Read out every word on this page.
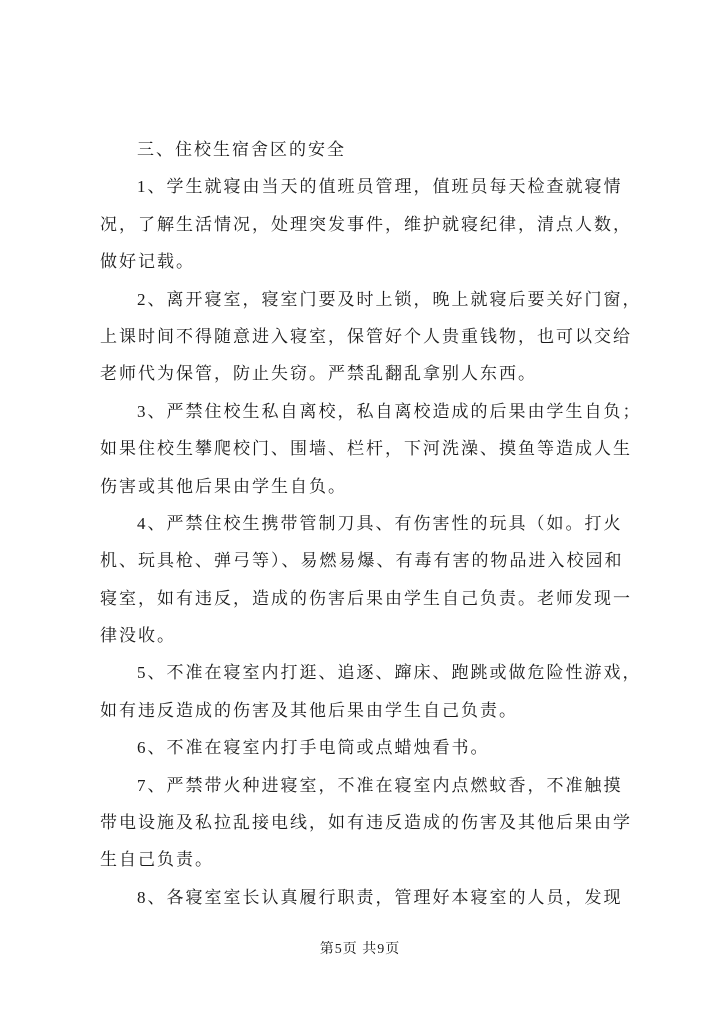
三、住校生宿舍区的安全
1、学生就寝由当天的值班员管理，值班员每天检查就寝情
况，了解生活情况，处理突发事件，维护就寝纪律，清点人数，
做好记载。
2、离开寝室，寝室门要及时上锁，晚上就寝后要关好门窗，
上课时间不得随意进入寝室，保管好个人贵重钱物，也可以交给
老师代为保管，防止失窃。严禁乱翻乱拿别人东西。
3、严禁住校生私自离校，私自离校造成的后果由学生自负；
如果住校生攀爬校门、围墙、栏杆，下河洗澡、摸鱼等造成人生
伤害或其他后果由学生自负。
4、严禁住校生携带管制刀具、有伤害性的玩具（如。打火
机、玩具枪、弹弓等）、易燃易爆、有毒有害的物品进入校园和
寝室，如有违反，造成的伤害后果由学生自己负责。老师发现一
律没收。
5、不准在寝室内打逛、追逐、蹿床、跑跳或做危险性游戏，
如有违反造成的伤害及其他后果由学生自己负责。
6、不准在寝室内打手电筒或点蜡烛看书。
7、严禁带火种进寝室，不准在寝室内点燃蚊香，不准触摸
带电设施及私拉乱接电线，如有违反造成的伤害及其他后果由学
生自己负责。
8、各寝室室长认真履行职责，管理好本寝室的人员，发现
第5页 共9页
